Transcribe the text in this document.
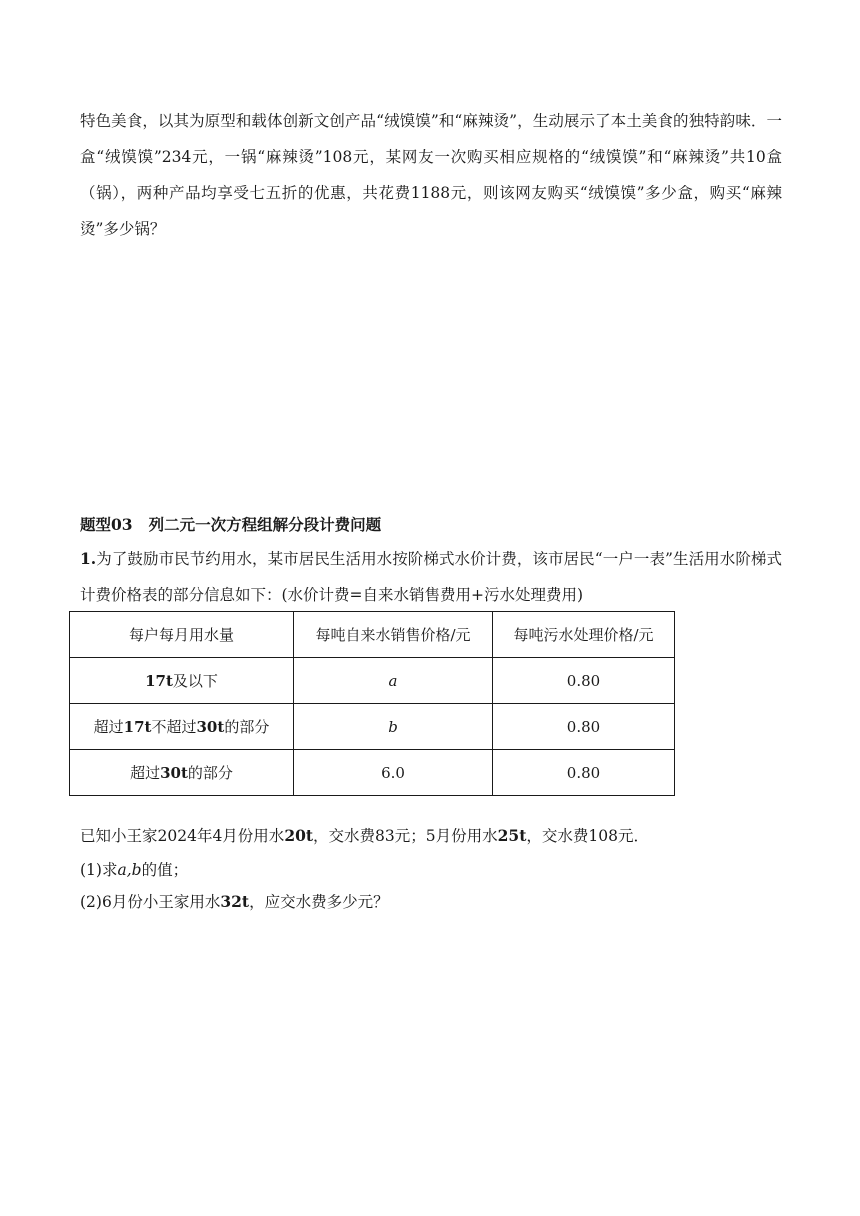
特色美食，以其为原型和载体创新文创产品“绒馍馍”和“麻辣烫”，生动展示了本土美食的独特韵味．一盒“绒馍馍”234元，一锅“麻辣烫”108元，某网友一次购买相应规格的“绒馍馍”和“麻辣烫”共10盒（锅），两种产品均享受七五折的优惠，共花费1188元，则该网友购买“绒馍馍”多少盒，购买“麻辣烫”多少锅？
题型03 列二元一次方程组解分段计费问题
1.为了鼓励市民节约用水，某市居民生活用水按阶梯式水价计费，该市居民“一户一表”生活用水阶梯式计费价格表的部分信息如下：(水价计费=自来水销售费用+污水处理费用)
每户每月用水量	每吨自来水销售价格/元	每吨污水处理价格/元
17t及以下	a	0.80
超过17t不超过30t的部分	b	0.80
超过30t的部分	6.0	0.80
已知小王家2024年4月份用水20t，交水费83元；5月份用水25t，交水费108元．
(1)求a,b的值；
(2)6月份小王家用水32t，应交水费多少元？
